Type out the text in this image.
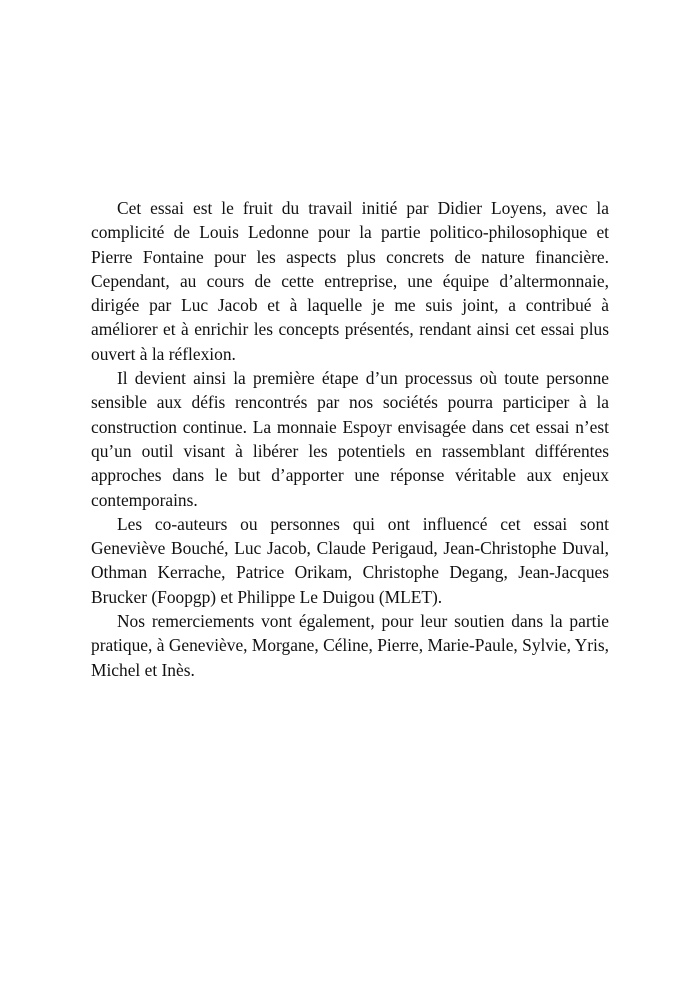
Cet essai est le fruit du travail initié par Didier Loyens, avec la complicité de Louis Ledonne pour la partie politico-philosophique et Pierre Fontaine pour les aspects plus concrets de nature financière. Cependant, au cours de cette entreprise, une équipe d’altermonnaie, dirigée par Luc Jacob et à laquelle je me suis joint, a contribué à améliorer et à enrichir les concepts présentés, rendant ainsi cet essai plus ouvert à la réflexion.

Il devient ainsi la première étape d’un processus où toute personne sensible aux défis rencontrés par nos sociétés pourra participer à la construction continue. La monnaie Espoyr envisagée dans cet essai n’est qu’un outil visant à libérer les potentiels en rassemblant différentes approches dans le but d’apporter une réponse véritable aux enjeux contemporains.

Les co-auteurs ou personnes qui ont influencé cet essai sont Geneviève Bouché, Luc Jacob, Claude Perigaud, Jean-Christophe Duval, Othman Kerrache, Patrice Orikam, Christophe Degang, Jean-Jacques Brucker (Foopgp) et Philippe Le Duigou (MLET).

Nos remerciements vont également, pour leur soutien dans la partie pratique, à Geneviève, Morgane, Céline, Pierre, Marie-Paule, Sylvie, Yris, Michel et Inès.
